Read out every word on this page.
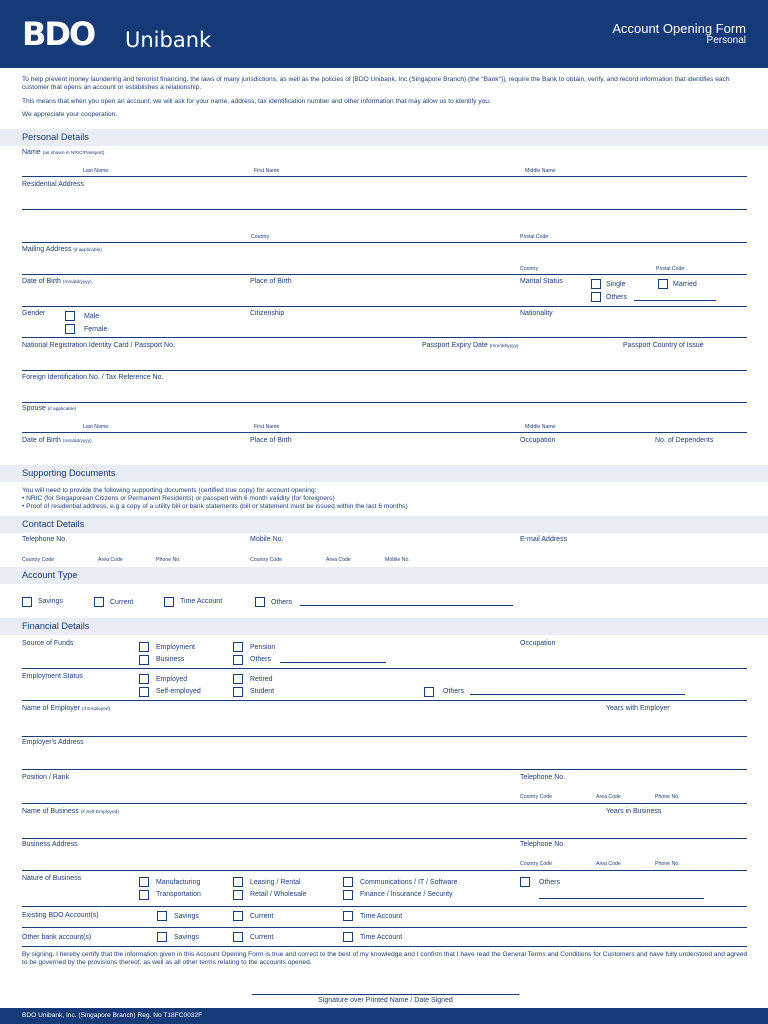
BDO Unibank	Account Opening Form
Personal
To help prevent money laundering and terrorist financing, the laws of many jurisdictions, as well as the policies of [BDO Unibank, Inc (Singapore Branch) (the "Bank")], require the Bank to obtain, verify, and record information that identifies each customer that opens an account or establishes a relationship.
This means that when you open an account, we will ask for your name, address, tax identification number and other information that may allow us to identify you.
We appreciate your cooperation.
Personal Details
Name (as shown in NRIC/Passport)
Last Name	First Name	Middle Name
Residential Address
Country	Postal Code
Mailing Address (if applicable)
Country	Postal Code
Date of Birth (mm/dd/yyyy)	Place of Birth	Marital Status	Single	Married
Others
Gender	Male
Female
Citizenship	Nationality
National Registration Identity Card / Passport No.	Passport Expiry Date (mm/dd/yyyy)	Passport Country of Issue
Foreign Identification No. / Tax Reference No.
Spouse (if applicable)
Last Name	First Name	Middle Name
Date of Birth (mm/dd/yyyy)	Place of Birth	Occupation	No. of Dependents
Supporting Documents
You will need to provide the following supporting documents (certified true copy) for account opening:
• NRIC (for Singaporean Citizens or Permanent Residents) or passport with 6 month validity (for foreigners)
• Proof of residential address, e.g a copy of a utility bill or bank statements (bill or statement must be issued within the last 6 months)
Contact Details
Telephone No.	Mobile No.	E-mail Address
Country Code	Area Code	Phone No.	Country Code	Area Code	Mobile No.
Account Type
Savings	Current	Time Account	Others
Financial Details
Source of Funds
Employment
Business
Pension
Others
Occupation
Employment Status	Employed
Self-employed
Retired
Student	Others
Name of Employer (if Employed)	Years with Employer
Employer's Address
Position / Rank	Telephone No.
Country Code	Area Code	Phone No.
Name of Business (if Self-Employed)	Years in Business
Business Address	Telephone No.
Country Code	Area Code	Phone No.
Nature of Business
Manufacturing
Transportation
Leasing / Rental
Retail / Wholesale
Communications / IT / Software
Finance / Insurance / Security
Others
Existing BDO Account(s)	Savings	Current	Time Account
Other bank account(s)	Savings	Current	Time Account
By signing, I hereby certify that the information given in this Account Opening Form is true and correct to the best of my knowledge and I confirm that I have read the General Terms and Conditions for Customers and have fully understood and agreed to be governed by the provisions thereof, as well as all other terms relating to the accounts opened.
Signature over Printed Name / Date Signed
BDO Unibank, Inc. (Singapore Branch) Reg. No T18FC0032F
